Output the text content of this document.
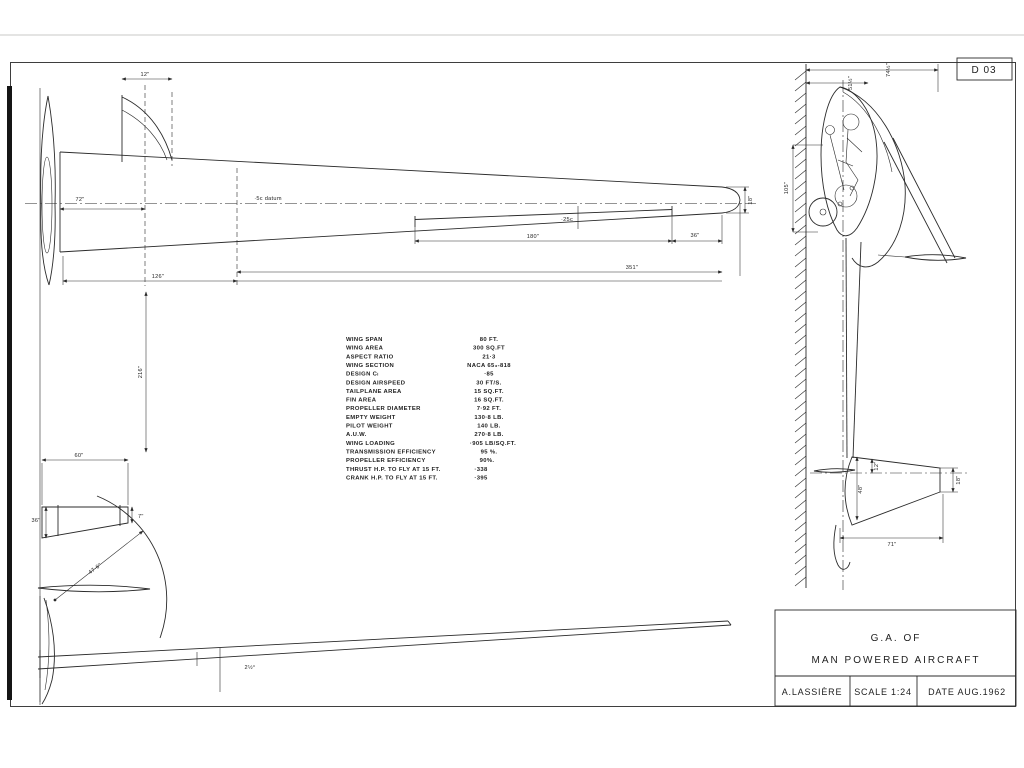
D 03
12"
·25c
72"	·5c datum
180"	36"
351"
126"
18"
216"
60"
36"
7"
47·6"
2½°
74½"
51½"
105"
48"
12"
18"
71"
WING SPAN	80 FT.
WING AREA	300 SQ.FT
ASPECT RATIO	21·3
WING SECTION	NACA 65₃-818
DESIGN Cₗ	·85
DESIGN AIRSPEED	30 FT/S.
TAILPLANE AREA	15 SQ.FT.
FIN AREA	16 SQ.FT.
PROPELLER DIAMETER	7·92 FT.
EMPTY WEIGHT	130·8 LB.
PILOT WEIGHT	140 LB.
A.U.W.	270·8 LB.
WING LOADING	·905 LB/SQ.FT.
TRANSMISSION EFFICIENCY	95 %.
PROPELLER EFFICIENCY	90%.
THRUST H.P. TO FLY AT 15 FT.	·338
CRANK H.P. TO FLY AT 15 FT.	·395
G.A. OF
MAN POWERED AIRCRAFT
A.LASSIÈRE SCALE 1:24 DATE AUG.1962
